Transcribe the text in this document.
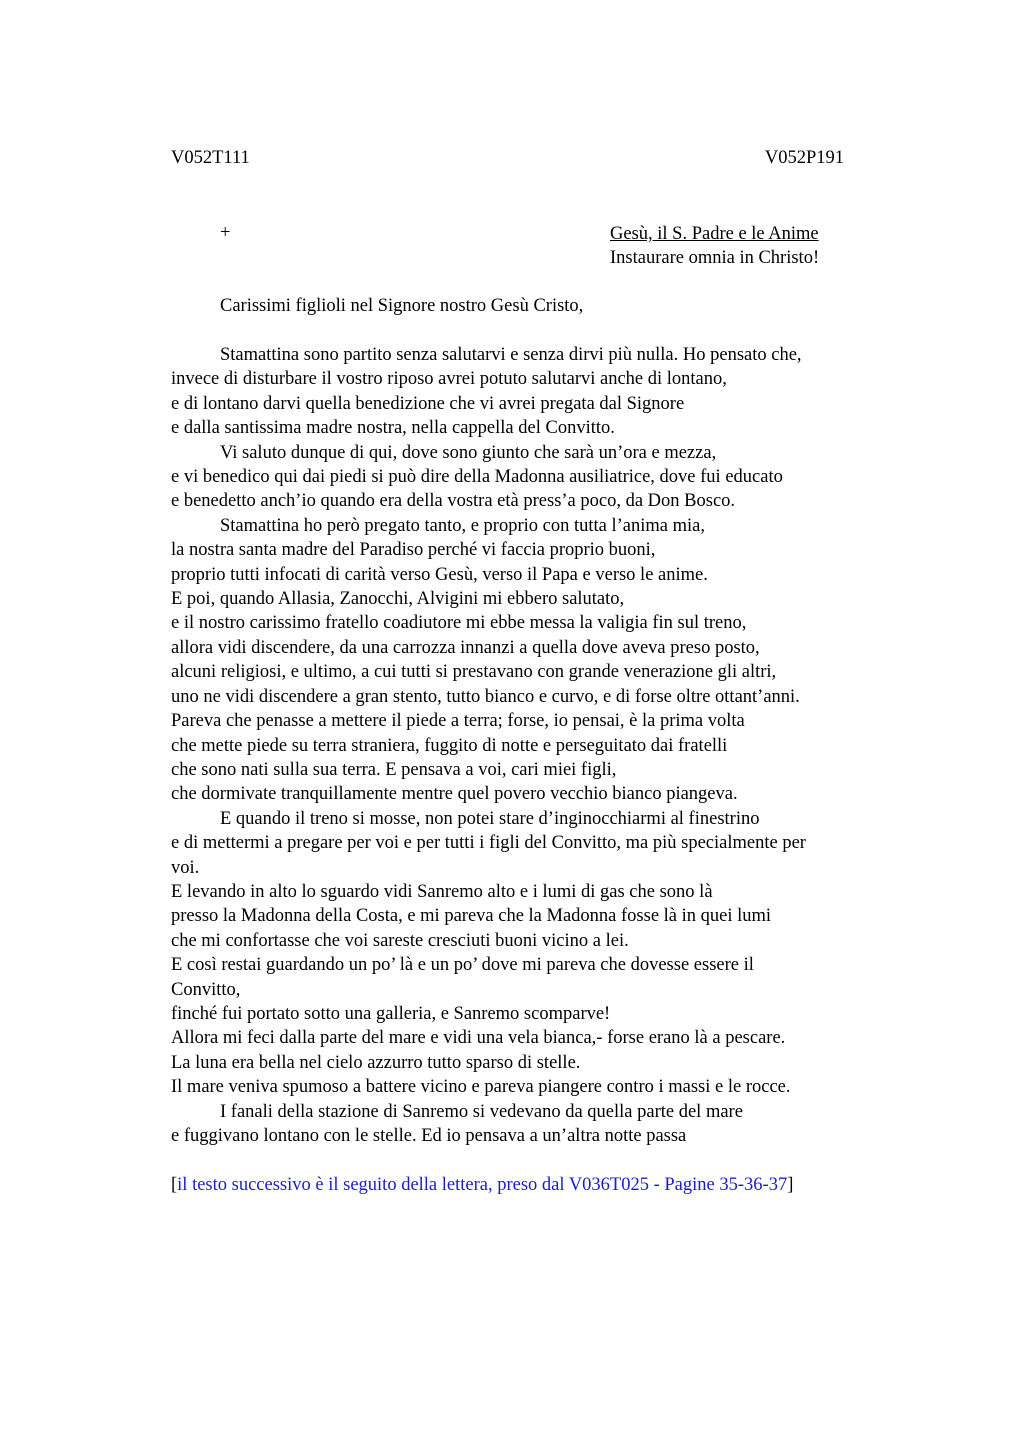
V052T111	V052P191
+	Gesù, il S. Padre e le Anime
Instaurare omnia in Christo!
Carissimi figlioli nel Signore nostro Gesù Cristo,
Stamattina sono partito senza salutarvi e senza dirvi più nulla. Ho pensato che,
invece di disturbare il vostro riposo avrei potuto salutarvi anche di lontano,
e di lontano darvi quella benedizione che vi avrei pregata dal Signore
e dalla santissima madre nostra, nella cappella del Convitto.
Vi saluto dunque di qui, dove sono giunto che sarà un’ora e mezza,
e vi benedico qui dai piedi si può dire della Madonna ausiliatrice, dove fui educato
e benedetto anch’io quando era della vostra età press’a poco, da Don Bosco.
Stamattina ho però pregato tanto, e proprio con tutta l’anima mia,
la nostra santa madre del Paradiso perché vi faccia proprio buoni,
proprio tutti infocati di carità verso Gesù, verso il Papa e verso le anime.
E poi, quando Allasia, Zanocchi, Alvigini mi ebbero salutato,
e il nostro carissimo fratello coadiutore mi ebbe messa la valigia fin sul treno,
allora vidi discendere, da una carrozza innanzi a quella dove aveva preso posto,
alcuni religiosi, e ultimo, a cui tutti si prestavano con grande venerazione gli altri,
uno ne vidi discendere a gran stento, tutto bianco e curvo, e di forse oltre ottant’anni.
Pareva che penasse a mettere il piede a terra; forse, io pensai, è la prima volta
che mette piede su terra straniera, fuggito di notte e perseguitato dai fratelli
che sono nati sulla sua terra. E pensava a voi, cari miei figli,
che dormivate tranquillamente mentre quel povero vecchio bianco piangeva.
E quando il treno si mosse, non potei stare d’inginocchiarmi al finestrino
e di mettermi a pregare per voi e per tutti i figli del Convitto, ma più specialmente per
voi.
E levando in alto lo sguardo vidi Sanremo alto e i lumi di gas che sono là
presso la Madonna della Costa, e mi pareva che la Madonna fosse là in quei lumi
che mi confortasse che voi sareste cresciuti buoni vicino a lei.
E così restai guardando un po’ là e un po’ dove mi pareva che dovesse essere il
Convitto,
finché fui portato sotto una galleria, e Sanremo scomparve!
Allora mi feci dalla parte del mare e vidi una vela bianca,- forse erano là a pescare.
La luna era bella nel cielo azzurro tutto sparso di stelle.
Il mare veniva spumoso a battere vicino e pareva piangere contro i massi e le rocce.
I fanali della stazione di Sanremo si vedevano da quella parte del mare
e fuggivano lontano con le stelle. Ed io pensava a un’altra notte passa
[il testo successivo è il seguito della lettera, preso dal V036T025 - Pagine 35-36-37]
